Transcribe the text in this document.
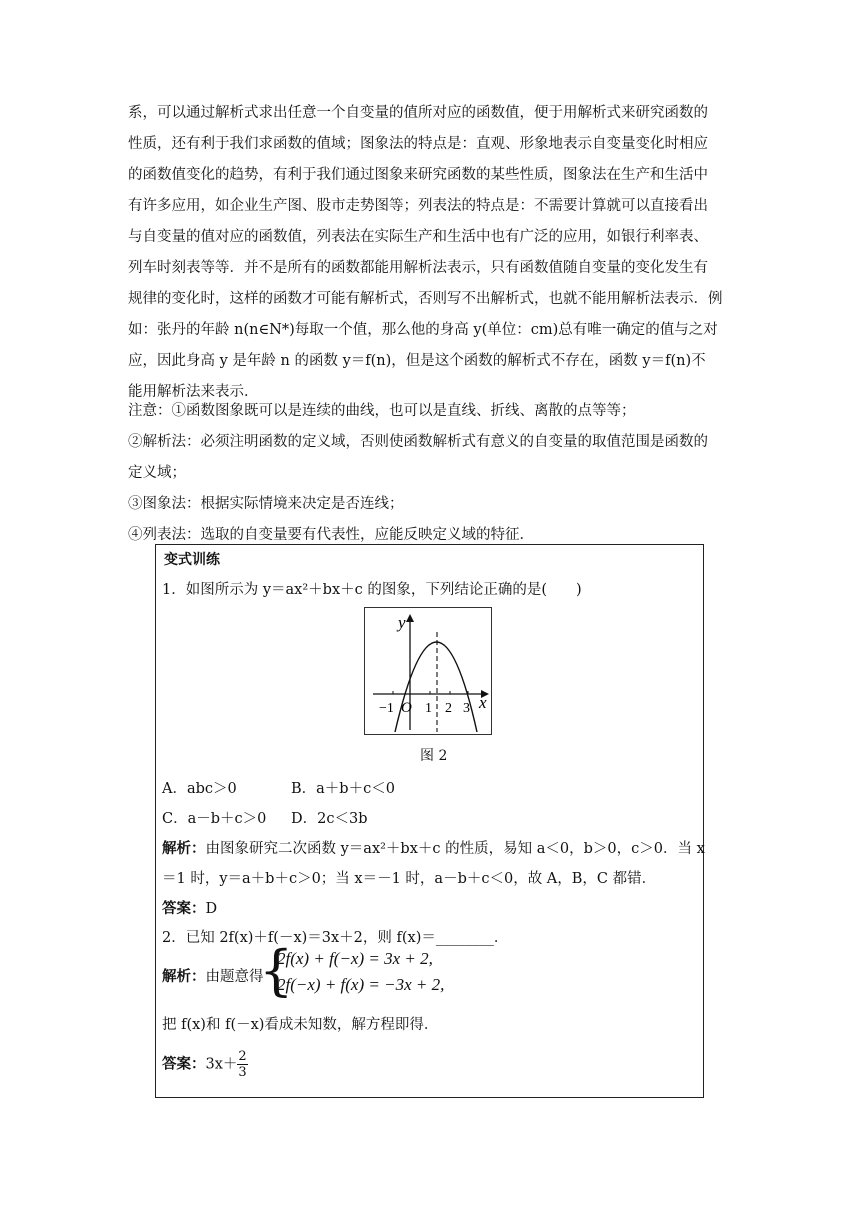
系，可以通过解析式求出任意一个自变量的值所对应的函数值，便于用解析式来研究函数的
性质，还有利于我们求函数的值域；图象法的特点是：直观、形象地表示自变量变化时相应
的函数值变化的趋势，有利于我们通过图象来研究函数的某些性质，图象法在生产和生活中
有许多应用，如企业生产图、股市走势图等；列表法的特点是：不需要计算就可以直接看出
与自变量的值对应的函数值，列表法在实际生产和生活中也有广泛的应用，如银行利率表、
列车时刻表等等．并不是所有的函数都能用解析法表示，只有函数值随自变量的变化发生有
规律的变化时，这样的函数才可能有解析式，否则写不出解析式，也就不能用解析法表示．例
如：张丹的年龄 n(n∈N*)每取一个值，那么他的身高 y(单位：cm)总有唯一确定的值与之对
应，因此身高 y 是年龄 n 的函数 y＝f(n)，但是这个函数的解析式不存在，函数 y＝f(n)不
能用解析法来表示．
注意：①函数图象既可以是连续的曲线，也可以是直线、折线、离散的点等等；
②解析法：必须注明函数的定义域，否则使函数解析式有意义的自变量的取值范围是函数的
定义域；
③图象法：根据实际情境来决定是否连线；
④列表法：选取的自变量要有代表性，应能反映定义域的特征．
变式训练
1．如图所示为 y＝ax²＋bx＋c 的图象，下列结论正确的是(　　)
y
x
O
−1 1 2 3
图 2
A．abc＞0	B．a＋b＋c＜0
C．a－b＋c＞0 D．2c＜3b
解析：由图象研究二次函数 y＝ax²＋bx＋c 的性质，易知 a＜0，b＞0，c＞0．当 x
＝1 时，y＝a＋b＋c＞0；当 x＝－1 时，a－b＋c＜0，故 A，B，C 都错．
答案：D
2．已知 2f(x)＋f(－x)＝3x＋2，则 f(x)＝________．
解析：由题意得
{
2f(x) + f(−x) = 3x + 2,
2f(−x) + f(x) = −3x + 2,
把 f(x)和 f(－x)看成未知数，解方程即得．
答案：$3x+ \frac{2}{3}$
